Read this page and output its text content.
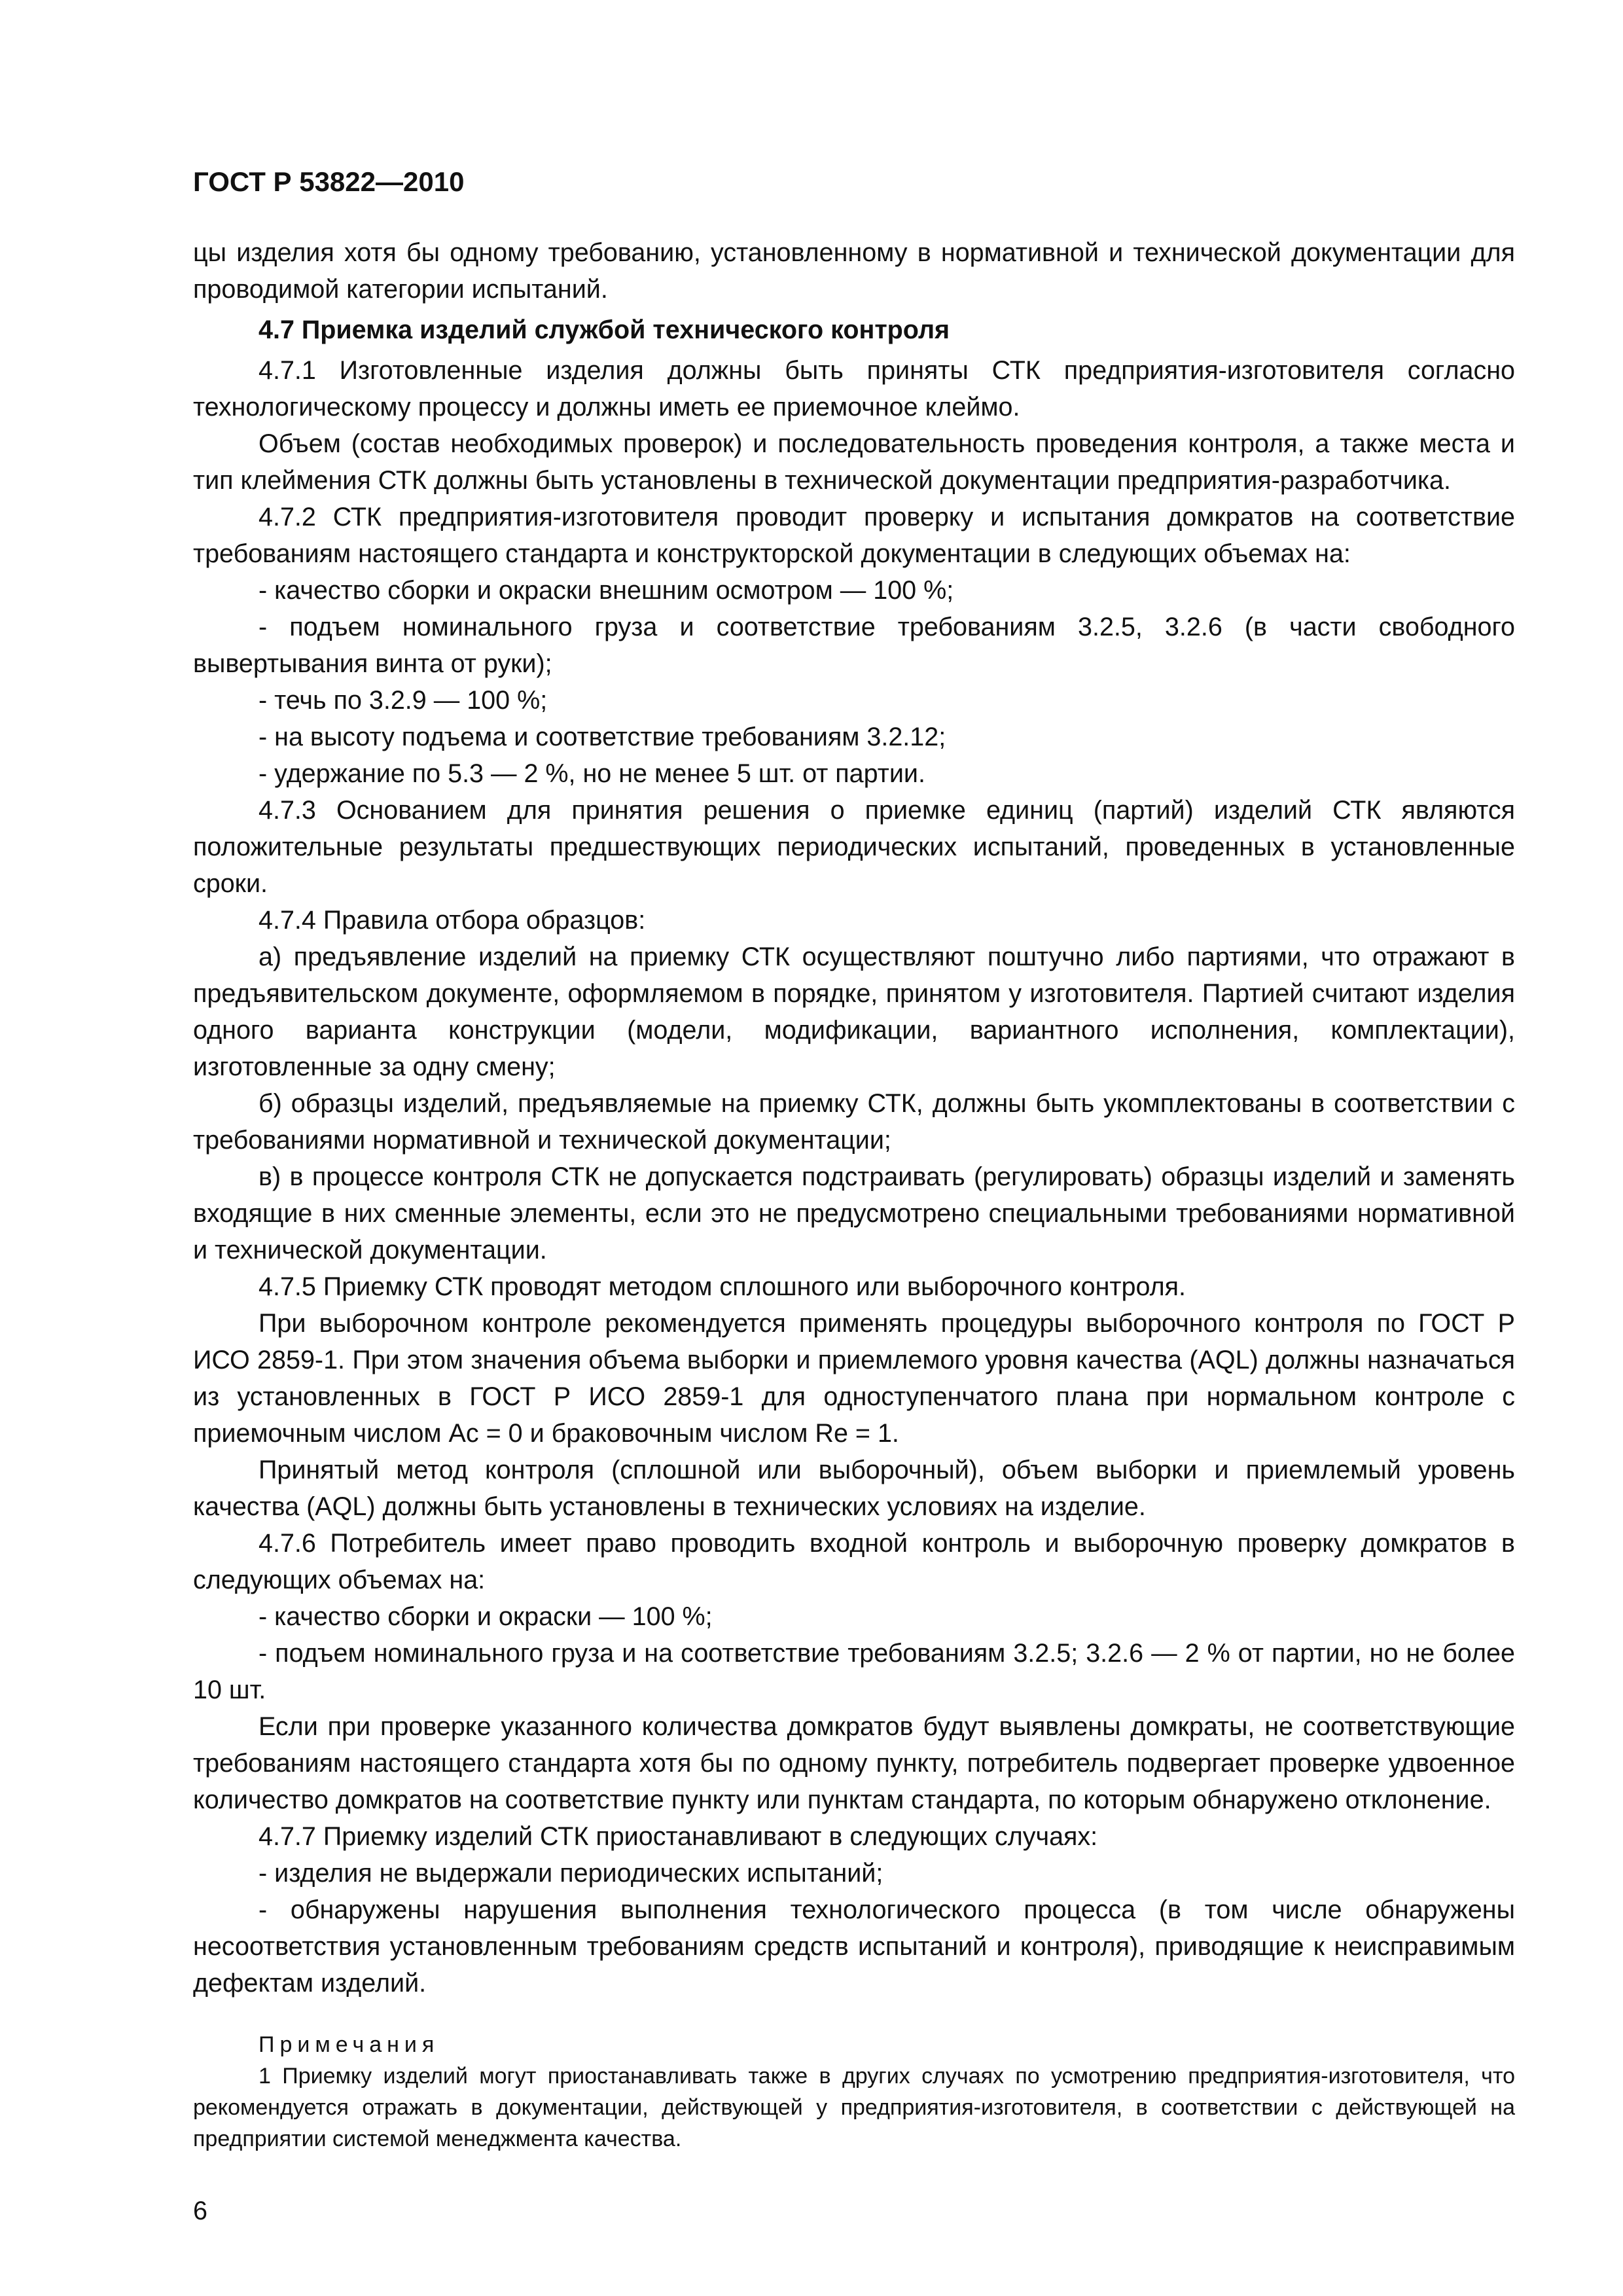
ГОСТ Р 53822—2010

цы изделия хотя бы одному требованию, установленному в нормативной и технической документации для проводимой категории испытаний.

4.7 Приемка изделий службой технического контроля

4.7.1 Изготовленные изделия должны быть приняты СТК предприятия-изготовителя согласно технологическому процессу и должны иметь ее приемочное клеймо.

Объем (состав необходимых проверок) и последовательность проведения контроля, а также места и тип клеймения СТК должны быть установлены в технической документации предприятия-разработчика.

4.7.2 СТК предприятия-изготовителя проводит проверку и испытания домкратов на соответствие требованиям настоящего стандарта и конструкторской документации в следующих объемах на:

- качество сборки и окраски внешним осмотром — 100 %;

- подъем номинального груза и соответствие требованиям 3.2.5, 3.2.6 (в части свободного вывертывания винта от руки);

- течь по 3.2.9 — 100 %;

- на высоту подъема и соответствие требованиям 3.2.12;

- удержание по 5.3 — 2 %, но не менее 5 шт. от партии.

4.7.3 Основанием для принятия решения о приемке единиц (партий) изделий СТК являются положительные результаты предшествующих периодических испытаний, проведенных в установленные сроки.

4.7.4 Правила отбора образцов:

а) предъявление изделий на приемку СТК осуществляют поштучно либо партиями, что отражают в предъявительском документе, оформляемом в порядке, принятом у изготовителя. Партией считают изделия одного варианта конструкции (модели, модификации, вариантного исполнения, комплектации), изготовленные за одну смену;

б) образцы изделий, предъявляемые на приемку СТК, должны быть укомплектованы в соответствии с требованиями нормативной и технической документации;

в) в процессе контроля СТК не допускается подстраивать (регулировать) образцы изделий и заменять входящие в них сменные элементы, если это не предусмотрено специальными требованиями нормативной и технической документации.

4.7.5 Приемку СТК проводят методом сплошного или выборочного контроля.

При выборочном контроле рекомендуется применять процедуры выборочного контроля по ГОСТ Р ИСО 2859-1. При этом значения объема выборки и приемлемого уровня качества (AQL) должны назначаться из установленных в ГОСТ Р ИСО 2859-1 для одноступенчатого плана при нормальном контроле с приемочным числом Ac = 0 и браковочным числом Re = 1.

Принятый метод контроля (сплошной или выборочный), объем выборки и приемлемый уровень качества (AQL) должны быть установлены в технических условиях на изделие.

4.7.6 Потребитель имеет право проводить входной контроль и выборочную проверку домкратов в следующих объемах на:

- качество сборки и окраски — 100 %;

- подъем номинального груза и на соответствие требованиям 3.2.5; 3.2.6 — 2 % от партии, но не более 10 шт.

Если при проверке указанного количества домкратов будут выявлены домкраты, не соответствующие требованиям настоящего стандарта хотя бы по одному пункту, потребитель подвергает проверке удвоенное количество домкратов на соответствие пункту или пунктам стандарта, по которым обнаружено отклонение.

4.7.7 Приемку изделий СТК приостанавливают в следующих случаях:

- изделия не выдержали периодических испытаний;

- обнаружены нарушения выполнения технологического процесса (в том числе обнаружены несоответствия установленным требованиям средств испытаний и контроля), приводящие к неисправимым дефектам изделий.

Примечания

1 Приемку изделий могут приостанавливать также в других случаях по усмотрению предприятия-изготовителя, что рекомендуется отражать в документации, действующей у предприятия-изготовителя, в соответствии с действующей на предприятии системой менеджмента качества.

6
